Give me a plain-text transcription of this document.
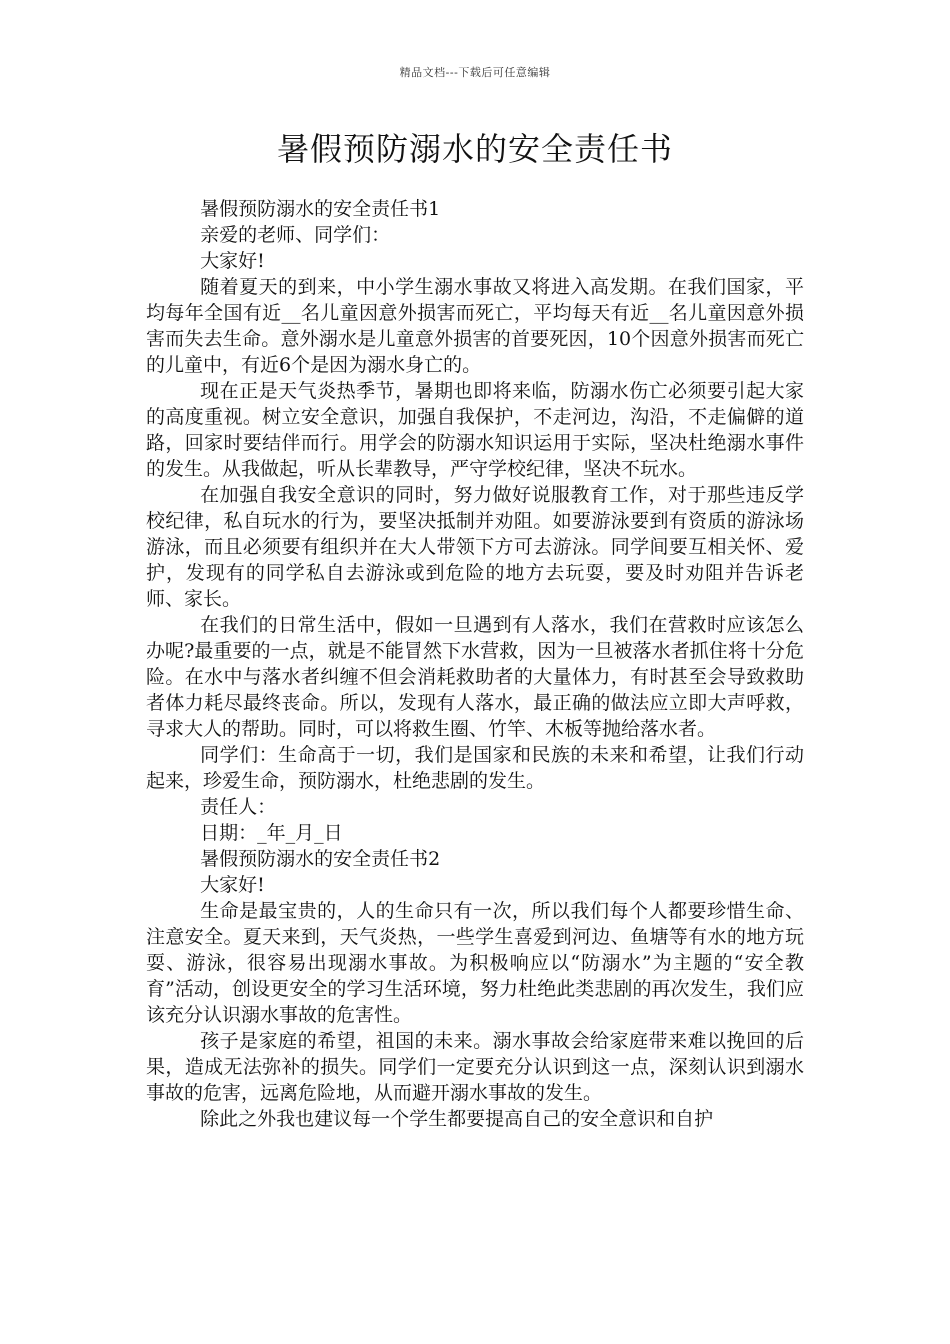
精品文档---下载后可任意编辑
暑假预防溺水的安全责任书

暑假预防溺水的安全责任书1

亲爱的老师、同学们：

大家好!

随着夏天的到来，中小学生溺水事故又将进入高发期。在我们国家，平均每年全国有近__名儿童因意外损害而死亡，平均每天有近__名儿童因意外损害而失去生命。意外溺水是儿童意外损害的首要死因，10个因意外损害而死亡的儿童中，有近6个是因为溺水身亡的。

现在正是天气炎热季节，暑期也即将来临，防溺水伤亡必须要引起大家的高度重视。树立安全意识，加强自我保护，不走河边，沟沿，不走偏僻的道路，回家时要结伴而行。用学会的防溺水知识运用于实际，坚决杜绝溺水事件的发生。从我做起，听从长辈教导，严守学校纪律，坚决不玩水。

在加强自我安全意识的同时，努力做好说服教育工作，对于那些违反学校纪律，私自玩水的行为，要坚决抵制并劝阻。如要游泳要到有资质的游泳场游泳，而且必须要有组织并在大人带领下方可去游泳。同学间要互相关怀、爱护，发现有的同学私自去游泳或到危险的地方去玩耍，要及时劝阻并告诉老师、家长。

在我们的日常生活中，假如一旦遇到有人落水，我们在营救时应该怎么办呢?最重要的一点，就是不能冒然下水营救，因为一旦被落水者抓住将十分危险。在水中与落水者纠缠不但会消耗救助者的大量体力，有时甚至会导致救助者体力耗尽最终丧命。所以，发现有人落水，最正确的做法应立即大声呼救，寻求大人的帮助。同时，可以将救生圈、竹竿、木板等抛给落水者。

同学们：生命高于一切，我们是国家和民族的未来和希望，让我们行动起来，珍爱生命，预防溺水，杜绝悲剧的发生。

责任人：

日期：_年_月_日

暑假预防溺水的安全责任书2

大家好!

生命是最宝贵的，人的生命只有一次，所以我们每个人都要珍惜生命、注意安全。夏天来到，天气炎热，一些学生喜爱到河边、鱼塘等有水的地方玩耍、游泳，很容易出现溺水事故。为积极响应以“防溺水”为主题的“安全教育”活动，创设更安全的学习生活环境，努力杜绝此类悲剧的再次发生，我们应该充分认识溺水事故的危害性。

孩子是家庭的希望，祖国的未来。溺水事故会给家庭带来难以挽回的后果，造成无法弥补的损失。同学们一定要充分认识到这一点，深刻认识到溺水事故的危害，远离危险地，从而避开溺水事故的发生。

除此之外我也建议每一个学生都要提高自己的安全意识和自护
